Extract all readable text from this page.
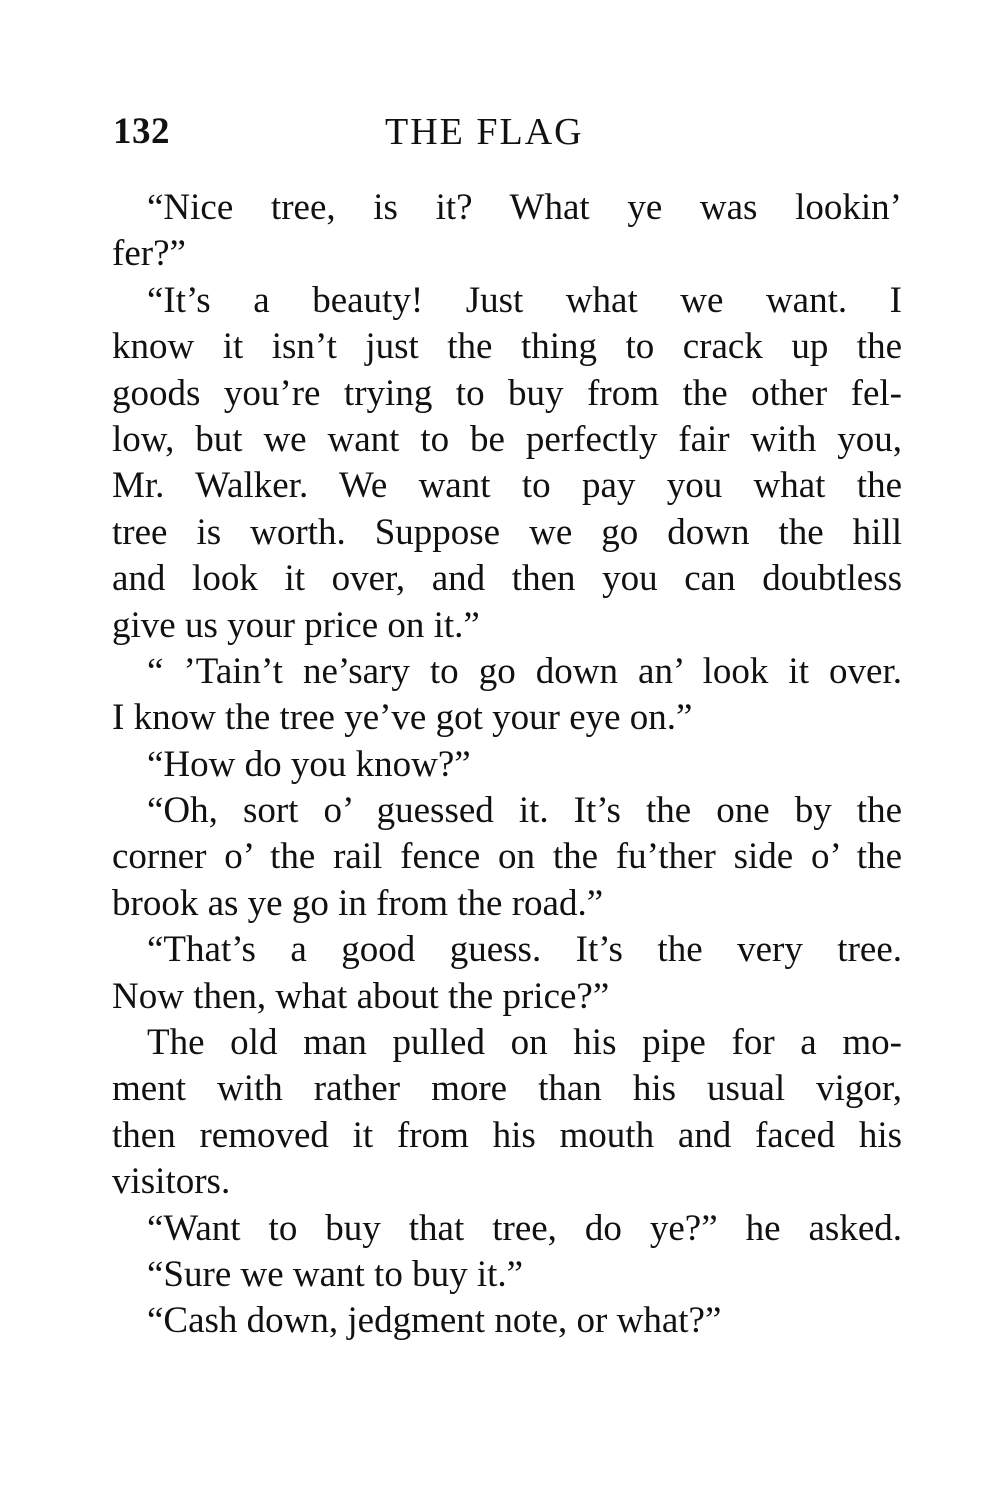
132	THE FLAG
“Nice tree, is it? What ye was lookin’
fer?”
“It’s a beauty! Just what we want. I
know it isn’t just the thing to crack up the
goods you’re trying to buy from the other fel-
low, but we want to be perfectly fair with you,
Mr. Walker. We want to pay you what the
tree is worth. Suppose we go down the hill
and look it over, and then you can doubtless
give us your price on it.”
“ ’Tain’t ne’sary to go down an’ look it over.
I know the tree ye’ve got your eye on.”
“How do you know?”
“Oh, sort o’ guessed it. It’s the one by the
corner o’ the rail fence on the fu’ther side o’ the
brook as ye go in from the road.”
“That’s a good guess. It’s the very tree.
Now then, what about the price?”
The old man pulled on his pipe for a mo-
ment with rather more than his usual vigor,
then removed it from his mouth and faced his
visitors.
“Want to buy that tree, do ye?” he asked.
“Sure we want to buy it.”
“Cash down, jedgment note, or what?”
